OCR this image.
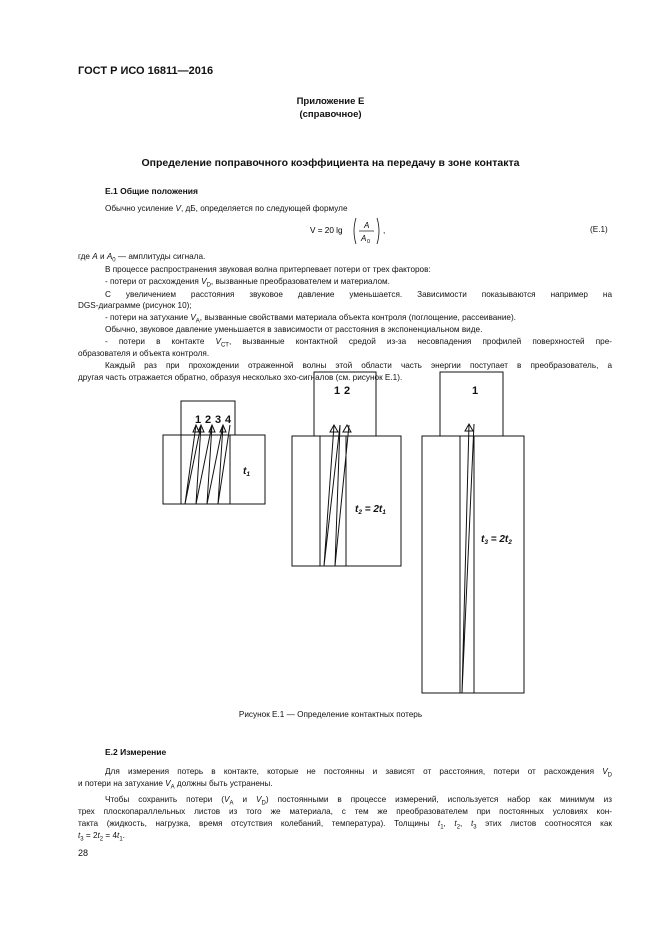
ГОСТ Р ИСО 16811—2016
Приложение Е
(справочное)
Определение поправочного коэффициента на передачу в зоне контакта
Е.1 Общие положения
Обычно усиление V, дБ, определяется по следующей формуле
V = 20 lg
A
A 0
,	(Е.1)
где A и $A_0$ — амплитуды сигнала.
В процессе распространения звуковая волна притерпевает потери от трех факторов:
- потери от расхождения $V_D$, вызванные преобразователем и материалом.
С увеличением расстояния звуковое давление уменьшается. Зависимости показываются например на
DGS-диаграмме (рисунок 10);
- потери на затухание $V_A$, вызванные свойствами материала объекта контроля (поглощение, рассеивание).
Обычно, звуковое давление уменьшается в зависимости от расстояния в экспоненциальном виде.
- потери в контакте $V_{CT}$, вызванные контактной средой из-за несовпадения профилей поверхностей пре-
образователя и объекта контроля.
Каждый раз при прохождении отраженной волны этой области часть энергии поступает в преобразователь, а
другая часть отражается обратно, образуя несколько эхо-сигналов (см. рисунок Е.1).
1 2 3 4
$t_1$
1 2
$t_2 = 2t_1$
1
$t_3 = 2t_2$
Рисунок Е.1 — Определение контактных потерь
Е.2 Измерение
Для измерения потерь в контакте, которые не постоянны и зависят от расстояния, потери от расхождения $V_D$
и потери на затухание $V_A$ должны быть устранены.
Чтобы сохранить потери ($V_A$ и $V_D$) постоянными в процессе измерений, используется набор как минимум из
трех плоскопараллельных листов из того же материала, с тем же преобразователем при постоянных условиях кон-
такта (жидкость, нагрузка, время отсутствия колебаний, температура). Толщины $t_1$, $t_2$, $t_3$ этих листов соотносятся как
$t_3 = 2t_2 = 4t_1$.
28
